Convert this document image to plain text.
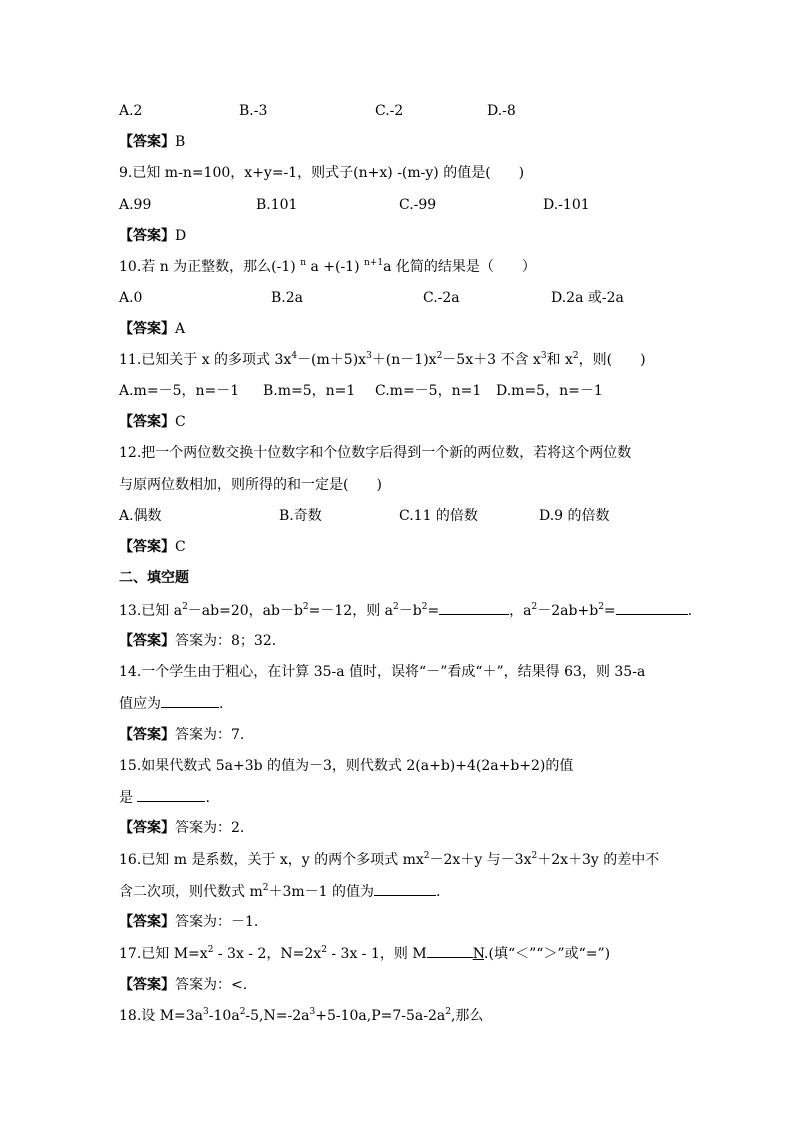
A.2	B.-3	C.-2	D.-8
【答案】B
9.已知 m-n=100，x+y=-1，则式子(n+x) -(m-y) 的值是(　　)
A.99	B.101	C.-99	D.-101
【答案】D
10.若 n 为正整数，那么(-1) $^n$ a +(-1) $^{n+1}$a 化简的结果是（　　）
A.0	B.2a	C.-2a	D.2a 或-2a
【答案】A
11.已知关于 x 的多项式 $3x^4-(m+5)x^3+(n-1)x^2-5x+3$ 不含 $x^3$和 $x^2$，则(　　)
A.m=－5，n=－1 B.m=5，n=1 C.m=－5，n=1 D.m=5，n=－1
【答案】C
12.把一个两位数交换十位数字和个位数字后得到一个新的两位数，若将这个两位数
与原两位数相加，则所得的和一定是(　　)
A.偶数	B.奇数	C.11 的倍数	D.9 的倍数
【答案】C
二、填空题
13.已知 $a^2-ab=20$，$ab-b^2=-12$，则 $a^2-b^2=$	，$a^2-2ab+b^2=$	.
【答案】答案为：8；32.
14.一个学生由于粗心，在计算 35-a 值时，误将“－”看成“＋”，结果得 63，则 35-a
值应为	.
【答案】答案为：7.
15.如果代数式 5a+3b 的值为－3，则代数式 2(a+b)+4(2a+b+2)的值
是	.
【答案】答案为：2.
16.已知 m 是系数，关于 x，y 的两个多项式 $mx^2-2x+y$ 与$-3x^2+2x+3y$ 的差中不
含二次项，则代数式 $m^2+3m-1$ 的值为	.
【答案】答案为：－1.
17.已知 $M=x^2 - 3x - 2$，$N=2x^2 - 3x - 1$，则 M	N.(填“＜”“＞”或“=”)
【答案】答案为：<.
18.设 $M=3a^3-10a^2-5,N=-2a^3+5-10a,P=7-5a-2a^2$,那么
